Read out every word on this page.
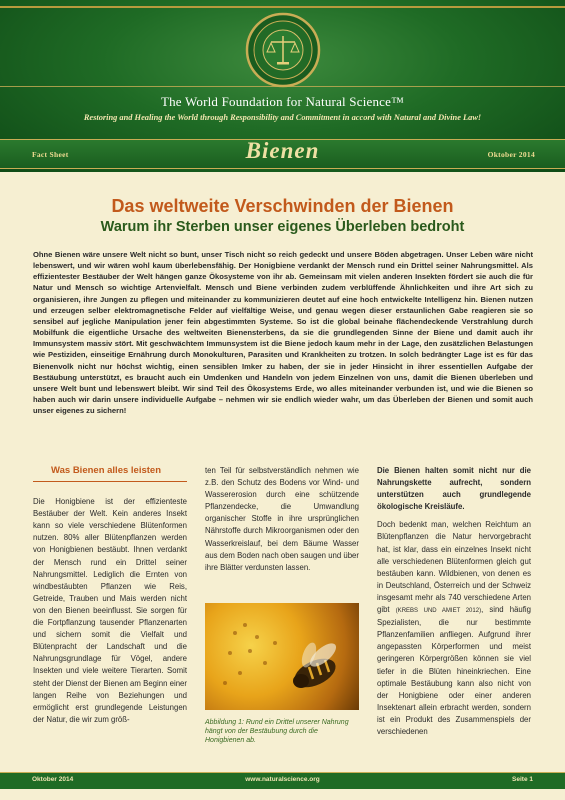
The World Foundation for Natural Science™
Restoring and Healing the World through Responsibility and Commitment in accord with Natural and Divine Law!
Fact Sheet	Bienen	Oktober 2014
Das weltweite Verschwinden der Bienen
Warum ihr Sterben unser eigenes Überleben bedroht
Ohne Bienen wäre unsere Welt nicht so bunt, unser Tisch nicht so reich gedeckt und unsere Böden abgetragen. Unser Leben wäre nicht lebenswert, und wir wären wohl kaum überlebensfähig. Der Honigbiene verdankt der Mensch rund ein Drittel seiner Nahrungsmittel. Als effizientester Bestäuber der Welt hängen ganze Ökosysteme von ihr ab. Gemeinsam mit vielen anderen Insekten fördert sie auch die für Natur und Mensch so wichtige Artenvielfalt. Mensch und Biene verbinden zudem verblüffende Ähnlichkeiten und ihre Art sich zu organisieren, ihre Jungen zu pflegen und miteinander zu kommunizieren deutet auf eine hoch entwickelte Intelligenz hin. Bienen nutzen und erzeugen selber elektromagnetische Felder auf vielfältige Weise, und genau wegen dieser erstaunlichen Gabe reagieren sie so sensibel auf jegliche Manipulation jener fein abgestimmten Systeme. So ist die global beinahe flächendeckende Verstrahlung durch Mobilfunk die eigentliche Ursache des weltweiten Bienensterbens, da sie die grundlegenden Sinne der Biene und damit auch ihr Immunsystem massiv stört. Mit geschwächtem Immunsystem ist die Biene jedoch kaum mehr in der Lage, den zusätzlichen Belastungen wie Pestiziden, einseitige Ernährung durch Monokulturen, Parasiten und Krankheiten zu trotzen. In solch bedrängter Lage ist es für das Bienenvolk nicht nur höchst wichtig, einen sensiblen Imker zu haben, der sie in jeder Hinsicht in ihrer essentiellen Aufgabe der Bestäubung unterstützt, es braucht auch ein Umdenken und Handeln von jedem Einzelnen von uns, damit die Bienen überleben und unsere Welt bunt und lebenswert bleibt. Wir sind Teil des Ökosystems Erde, wo alles miteinander verbunden ist, und wie die Bienen so haben auch wir darin unsere individuelle Aufgabe – nehmen wir sie endlich wieder wahr, um das Überleben der Bienen und somit auch unser eigenes zu sichern!
Was Bienen alles leisten
Die Honigbiene ist der effizienteste Bestäuber der Welt. Kein anderes Insekt kann so viele verschiedene Blütenformen nutzen. 80% aller Blütenpflanzen werden von Honigbienen bestäubt. Ihnen verdankt der Mensch rund ein Drittel seiner Nahrungsmittel. Lediglich die Ernten von windbestäubten Pflanzen wie Reis, Getreide, Trauben und Mais werden nicht von den Bienen beeinflusst. Sie sorgen für die Fortpflanzung tausender Pflanzenarten und sichern somit die Vielfalt und Blütenpracht der Landschaft und die Nahrungsgrundlage für Vögel, andere Insekten und viele weitere Tierarten. Somit steht der Dienst der Bienen am Beginn einer langen Reihe von Beziehungen und ermöglicht erst grundlegende Leistungen der Natur, die wir zum größ-
ten Teil für selbstverständlich nehmen wie z.B. den Schutz des Bodens vor Wind- und Wassererosion durch eine schützende Pflanzendecke, die Umwandlung organischer Stoffe in ihre ursprünglichen Nährstoffe durch Mikroorganismen oder den Wasserkreislauf, bei dem Bäume Wasser aus dem Boden nach oben saugen und über ihre Blätter verdunsten lassen.
Abbildung 1: Rund ein Drittel unserer Nahrung hängt von der Bestäubung durch die Honigbienen ab.
Die Bienen halten somit nicht nur die Nahrungskette aufrecht, sondern unterstützen auch grundlegende ökologische Kreisläufe.
Doch bedenkt man, welchen Reichtum an Blütenpflanzen die Natur hervorgebracht hat, ist klar, dass ein einzelnes Insekt nicht alle verschiedenen Blütenformen gleich gut bestäuben kann. Wildbienen, von denen es in Deutschland, Österreich und der Schweiz insgesamt mehr als 740 verschiedene Arten gibt (KREBS UND AMIET 2012), sind häufig Spezialisten, die nur bestimmte Pflanzenfamilien anfliegen. Aufgrund ihrer angepassten Körperformen und meist geringeren Körpergrößen können sie viel tiefer in die Blüten hineinkriechen. Eine optimale Bestäubung kann also nicht von der Honigbiene oder einer anderen Insektenart allein erbracht werden, sondern ist ein Produkt des Zusammenspiels der verschiedenen
Oktober 2014	www.naturalscience.org	Seite 1
